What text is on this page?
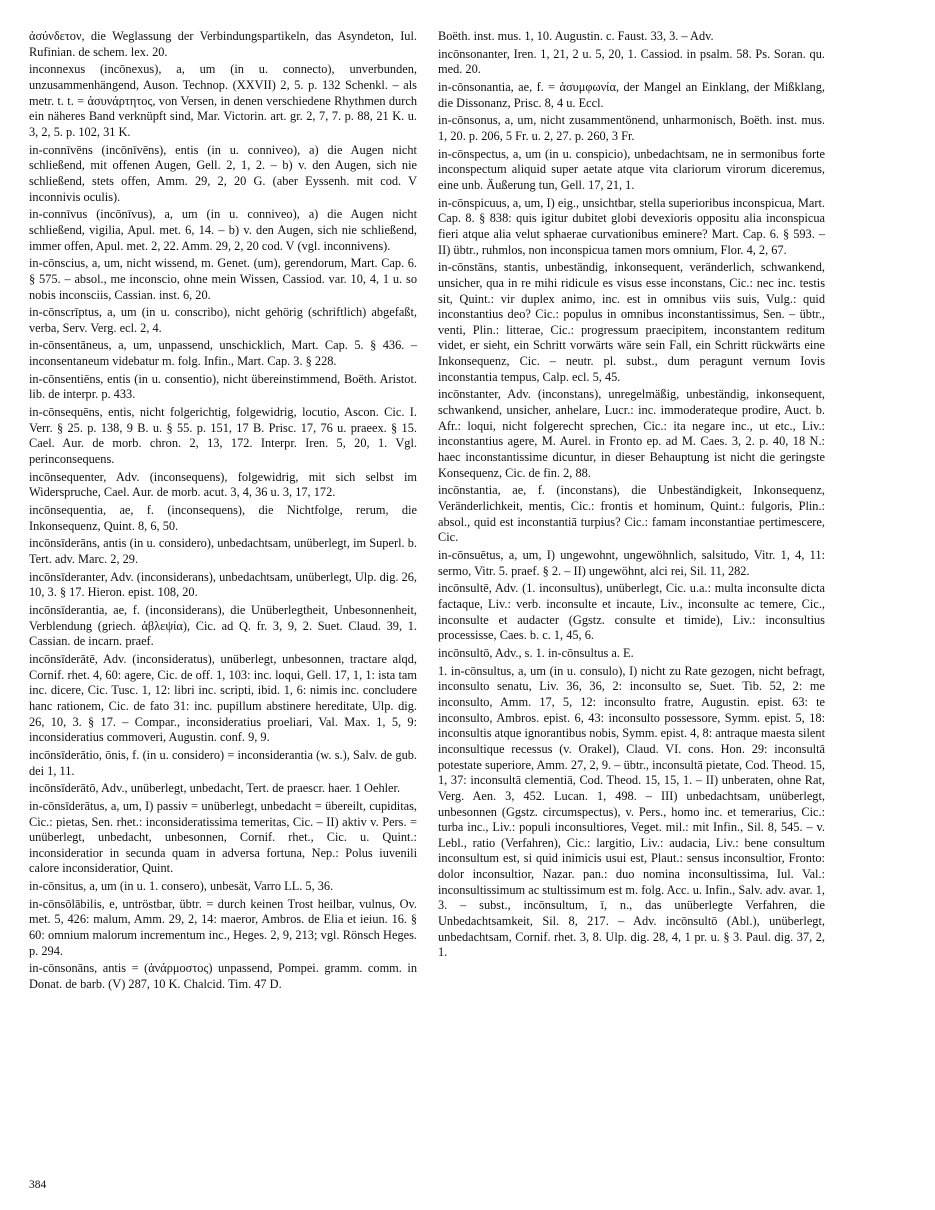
ἀσύνδετον, die Weglassung der Verbindungspartikeln, das Asyndeton, Iul. Rufinian. de schem. lex. 20.

inconnexus (incōnexus), a, um (in u. connecto), unverbunden, unzusammenhängend, Auson. Technop. (XXVII) 2, 5. p. 132 Schenkl. – als metr. t. t. = ἀσυνάρτητος, von Versen, in denen verschiedene Rhythmen durch ein näheres Band verknüpft sind, Mar. Victorin. art. gr. 2, 7, 7. p. 88, 21 K. u. 3, 2, 5. p. 102, 31 K.

in-connīvēns (incōnīvēns), entis (in u. conniveo), a) die Augen nicht schließend, mit offenen Augen, Gell. 2, 1, 2. – b) v. den Augen, sich nie schließend, stets offen, Amm. 29, 2, 20 G. (aber Eyssenh. mit cod. V inconnivis oculis).

in-connīvus (incōnīvus), a, um (in u. conniveo), a) die Augen nicht schließend, vigilia, Apul. met. 6, 14. – b) v. den Augen, sich nie schließend, immer offen, Apul. met. 2, 22. Amm. 29, 2, 20 cod. V (vgl. inconnivens).

in-cōnscius, a, um, nicht wissend, m. Genet. (um), gerendorum, Mart. Cap. 6. § 575. – absol., me inconscio, ohne mein Wissen, Cassiod. var. 10, 4, 1 u. so nobis inconsciis, Cassian. inst. 6, 20.

in-cōnscrīptus, a, um (in u. conscribo), nicht gehörig (schriftlich) abgefaßt, verba, Serv. Verg. ecl. 2, 4.

in-cōnsentāneus, a, um, unpassend, unschicklich, Mart. Cap. 5. § 436. – inconsentaneum videbatur m. folg. Infin., Mart. Cap. 3. § 228.

in-cōnsentiēns, entis (in u. consentio), nicht übereinstimmend, Boëth. Aristot. lib. de interpr. p. 433.

in-cōnsequēns, entis, nicht folgerichtig, folgewidrig, locutio, Ascon. Cic. I. Verr. § 25. p. 138, 9 B. u. § 55. p. 151, 17 B. Prisc. 17, 76 u. praeex. § 15. Cael. Aur. de morb. chron. 2, 13, 172. Interpr. Iren. 5, 20, 1. Vgl. perinconsequens.

incōnsequenter, Adv. (inconsequens), folgewidrig, mit sich selbst im Widerspruche, Cael. Aur. de morb. acut. 3, 4, 36 u. 3, 17, 172.

incōnsequentia, ae, f. (inconsequens), die Nichtfolge, rerum, die Inkonsequenz, Quint. 8, 6, 50.

incōnsīderāns, antis (in u. considero), unbedachtsam, unüberlegt, im Superl. b. Tert. adv. Marc. 2, 29.

incōnsīderanter, Adv. (inconsiderans), unbedachtsam, unüberlegt, Ulp. dig. 26, 10, 3. § 17. Hieron. epist. 108, 20.

incōnsīderantia, ae, f. (inconsiderans), die Unüberlegtheit, Unbesonnenheit, Verblendung (griech. ἀβλεψία), Cic. ad Q. fr. 3, 9, 2. Suet. Claud. 39, 1. Cassian. de incarn. praef.

incōnsīderātē, Adv. (inconsideratus), unüberlegt, unbesonnen, tractare alqd, Cornif. rhet. 4, 60: agere, Cic. de off. 1, 103: inc. loqui, Gell. 17, 1, 1: ista tam inc. dicere, Cic. Tusc. 1, 12: libri inc. scripti, ibid. 1, 6: nimis inc. concludere hanc rationem, Cic. de fato 31: inc. pupillum abstinere hereditate, Ulp. dig. 26, 10, 3. § 17. – Compar., inconsideratius proeliari, Val. Max. 1, 5, 9: inconsideratius commoveri, Augustin. conf. 9, 9.

incōnsīderātio, ōnis, f. (in u. considero) = inconsiderantia (w. s.), Salv. de gub. dei 1, 11.

incōnsīderātō, Adv., unüberlegt, unbedacht, Tert. de praescr. haer. 1 Oehler.

in-cōnsīderātus, a, um, I) passiv = unüberlegt, unbedacht = übereilt, cupiditas, Cic.: pietas, Sen. rhet.: inconsideratissima temeritas, Cic. – II) aktiv v. Pers. = unüberlegt, unbedacht, unbesonnen, Cornif. rhet., Cic. u. Quint.: inconsideratior in secunda quam in adversa fortuna, Nep.: Polus iuvenili calore inconsideratior, Quint.

in-cōnsitus, a, um (in u. 1. consero), unbesät, Varro LL. 5, 36.

in-cōnsōlābilis, e, untröstbar, übtr. = durch keinen Trost heilbar, vulnus, Ov. met. 5, 426: malum, Amm. 29, 2, 14: maeror, Ambros. de Elia et ieiun. 16. § 60: omnium malorum incrementum inc., Heges. 2, 9, 213; vgl. Rönsch Heges. p. 294.

in-cōnsonāns, antis = (ἀνάρμοστος) unpassend, Pompei. gramm. comm. in Donat. de barb. (V) 287, 10 K. Chalcid. Tim. 47 D.

Boëth. inst. mus. 1, 10. Augustin. c. Faust. 33, 3. – Adv.

incōnsonanter, Iren. 1, 21, 2 u. 5, 20, 1. Cassiod. in psalm. 58. Ps. Soran. qu. med. 20.

in-cōnsonantia, ae, f. = ἀσυμφωνία, der Mangel an Einklang, der Mißklang, die Dissonanz, Prisc. 8, 4 u. Eccl.

in-cōnsonus, a, um, nicht zusammentönend, unharmonisch, Boëth. inst. mus. 1, 20. p. 206, 5 Fr. u. 2, 27. p. 260, 3 Fr.

in-cōnspectus, a, um (in u. conspicio), unbedachtsam, ne in sermonibus forte inconspectum aliquid super aetate atque vita clariorum virorum diceremus, eine unb. Äußerung tun, Gell. 17, 21, 1.

in-cōnspicuus, a, um, I) eig., unsichtbar, stella superioribus inconspicua, Mart. Cap. 8. § 838: quis igitur dubitet globi devexioris oppositu alia inconspicua fieri atque alia velut sphaerae curvationibus eminere? Mart. Cap. 6. § 593. – II) übtr., ruhmlos, non inconspicua tamen mors omnium, Flor. 4, 2, 67.

in-cōnstāns, stantis, unbeständig, inkonsequent, veränderlich, schwankend, unsicher, qua in re mihi ridicule es visus esse inconstans, Cic.: nec inc. testis sit, Quint.: vir duplex animo, inc. est in omnibus viis suis, Vulg.: quid inconstantius deo? Cic.: populus in omnibus inconstantissimus, Sen. – übtr., venti, Plin.: litterae, Cic.: progressum praecipitem, inconstantem reditum videt, er sieht, ein Schritt vorwärts wäre sein Fall, ein Schritt rückwärts eine Inkonsequenz, Cic. – neutr. pl. subst., dum peragunt vernum Iovis inconstantia tempus, Calp. ecl. 5, 45.

incōnstanter, Adv. (inconstans), unregelmäßig, unbeständig, inkonsequent, schwankend, unsicher, anhelare, Lucr.: inc. immoderateque prodire, Auct. b. Afr.: loqui, nicht folgerecht sprechen, Cic.: ita negare inc., ut etc., Liv.: inconstantius agere, M. Aurel. in Fronto ep. ad M. Caes. 3, 2. p. 40, 18 N.: haec inconstantissime dicuntur, in dieser Behauptung ist nicht die geringste Konsequenz, Cic. de fin. 2, 88.

incōnstantia, ae, f. (inconstans), die Unbeständigkeit, Inkonsequenz, Veränderlichkeit, mentis, Cic.: frontis et hominum, Quint.: fulgoris, Plin.: absol., quid est inconstantiā turpius? Cic.: famam inconstantiae pertimescere, Cic.

in-cōnsuētus, a, um, I) ungewohnt, ungewöhnlich, salsitudo, Vitr. 1, 4, 11: sermo, Vitr. 5. praef. § 2. – II) ungewöhnt, alci rei, Sil. 11, 282.

incōnsultē, Adv. (1. inconsultus), unüberlegt, Cic. u.a.: multa inconsulte dicta factaque, Liv.: verb. inconsulte et incaute, Liv., inconsulte ac temere, Cic., inconsulte et audacter (Ggstz. consulte et timide), Liv.: inconsultius processisse, Caes. b. c. 1, 45, 6.

incōnsultō, Adv., s. 1. in-cōnsultus a. E.

1. in-cōnsultus, a, um (in u. consulo), I) nicht zu Rate gezogen, nicht befragt, inconsulto senatu, Liv. 36, 36, 2: inconsulto se, Suet. Tib. 52, 2: me inconsulto, Amm. 17, 5, 12: inconsulto fratre, Augustin. epist. 63: te inconsulto, Ambros. epist. 6, 43: inconsulto possessore, Symm. epist. 5, 18: inconsultis atque ignorantibus nobis, Symm. epist. 4, 8: antraque maesta silent inconsultique recessus (v. Orakel), Claud. VI. cons. Hon. 29: inconsultā potestate superiore, Amm. 27, 2, 9. – übtr., inconsultā pietate, Cod. Theod. 15, 1, 37: inconsultā clementiā, Cod. Theod. 15, 15, 1. – II) unberaten, ohne Rat, Verg. Aen. 3, 452. Lucan. 1, 498. – III) unbedachtsam, unüberlegt, unbesonnen (Ggstz. circumspectus), v. Pers., homo inc. et temerarius, Cic.: turba inc., Liv.: populi inconsultiores, Veget. mil.: mit Infin., Sil. 8, 545. – v. Lebl., ratio (Verfahren), Cic.: largitio, Liv.: audacia, Liv.: bene consultum inconsultum est, si quid inimicis usui est, Plaut.: sensus inconsultior, Fronto: dolor inconsultior, Nazar. pan.: duo nomina inconsultissima, Iul. Val.: inconsultissimum ac stultissimum est m. folg. Acc. u. Infin., Salv. adv. avar. 1, 3. – subst., incōnsultum, ī, n., das unüberlegte Verfahren, die Unbedachtsamkeit, Sil. 8, 217. – Adv. incōnsultō (Abl.), unüberlegt, unbedachtsam, Cornif. rhet. 3, 8. Ulp. dig. 28, 4, 1 pr. u. § 3. Paul. dig. 37, 2, 1.

384
